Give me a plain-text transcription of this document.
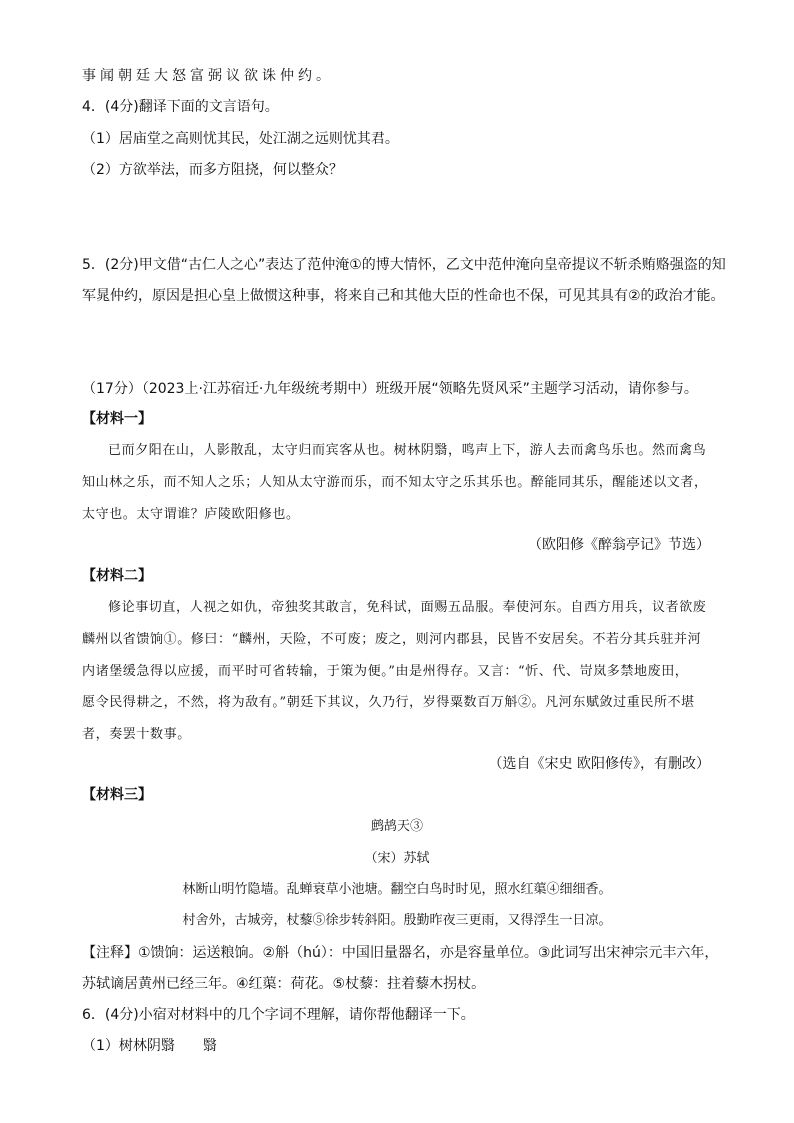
事闻朝廷大怒富弼议欲诛仲约。
4．(4分)翻译下面的文言语句。
（1）居庙堂之高则忧其民，处江湖之远则忧其君。
（2）方欲举法，而多方阻挠，何以整众？
5．(2分)甲文借“古仁人之心”表达了范仲淹①的博大情怀，乙文中范仲淹向皇帝提议不斩杀贿赂强盗的知
军晁仲约，原因是担心皇上做惯这种事，将来自己和其他大臣的性命也不保，可见其具有②的政治才能。
（17分）（2023上·江苏宿迁·九年级统考期中）班级开展“领略先贤风采”主题学习活动，请你参与。
【材料一】
已而夕阳在山，人影散乱，太守归而宾客从也。树林阴翳，鸣声上下，游人去而禽鸟乐也。然而禽鸟
知山林之乐，而不知人之乐；人知从太守游而乐，而不知太守之乐其乐也。醉能同其乐，醒能述以文者，
太守也。太守谓谁？庐陵欧阳修也。
（欧阳修《醉翁亭记》节选）
【材料二】
修论事切直，人视之如仇，帝独奖其敢言，免科试，面赐五品服。奉使河东。自西方用兵，议者欲废
麟州以省馈饷①。修曰：“麟州，天险，不可废；废之，则河内郡县，民皆不安居矣。不若分其兵驻并河
内诸堡缓急得以应援，而平时可省转输，于策为便。”由是州得存。又言：“忻、代、岢岚多禁地废田，
愿令民得耕之，不然，将为敌有。”朝廷下其议，久乃行，岁得粟数百万斛②。凡河东赋敛过重民所不堪
者，奏罢十数事。
（选自《宋史 欧阳修传》，有删改）
【材料三】
鹧鸪天③
（宋）苏轼
林断山明竹隐墙。乱蝉衰草小池塘。翻空白鸟时时见，照水红蕖④细细香。
村舍外，古城旁，杖藜⑤徐步转斜阳。殷勤昨夜三更雨，又得浮生一日凉。
【注释】①馈饷：运送粮饷。②斛（hú）：中国旧量器名，亦是容量单位。③此词写出宋神宗元丰六年，
苏轼谪居黄州已经三年。④红蕖：荷花。⑤杖藜：拄着藜木拐杖。
6．(4分)小宿对材料中的几个字词不理解，请你帮他翻译一下。
（1）树林阴翳　　翳
